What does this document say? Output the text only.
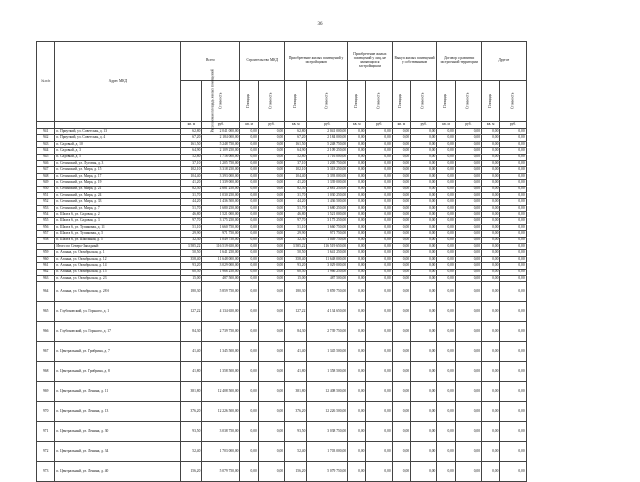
36
№ п/п	Адрес МКД	Всего		Строительство МКД		Приобретение жилых помещений у застройщиков		Приобретение жилых помещений у лиц, не являющихся застройщиком		Выкуп жилых помещений у собственников		Договор о развитии застроенной территории		Другое	
		Расселяемая площадь жилых помещений	Стоимость	Площадь	Стоимость	Площадь	Стоимость	Площадь	Стоимость	Площадь	Стоимость	Площадь	Стоимость	Площадь	Стоимость
		кв. м	руб.	кв. м	руб.	кв. м	руб.	кв. м	руб.	кв. м	руб.	кв. м	руб.	кв. м	руб.
941	п. Приуткий, ул. Советская, д. 13	62,80	2 041 000,00	0,00	0,00	62,80	2 041 000,00	0,00	0,00	0,00	0,00	0,00	0,00	0,00	0,00
942	п. Приуткий, ул. Советская, д. 4	67,20	2 184 000,00	0,00	0,00	67,20	2 184 000,00	0,00	0,00	0,00	0,00	0,00	0,00	0,00	0,00
943	п. Садовый, д. 10	161,50	5 248 750,00	0,00	0,00	161,50	5 248 750,00	0,00	0,00	0,00	0,00	0,00	0,00	0,00	0,00
944	п. Садовый, д. 3	64,90	2 109 250,00	0,00	0,00	64,90	2 109 250,00	0,00	0,00	0,00	0,00	0,00	0,00	0,00	0,00
945	п. Садовый, д. 5	52,80	1 716 000,00	0,00	0,00	52,80	1 716 000,00	0,00	0,00	0,00	0,00	0,00	0,00	0,00	0,00
946	п. Сечинский, ул. Луговая, д. 3	37,10	1 205 750,00	0,00	0,00	37,10	1 205 750,00	0,00	0,00	0,00	0,00	0,00	0,00	0,00	0,00
947	п. Сечинский, ул. Мира, д. 15	102,10	3 318 250,00	0,00	0,00	102,10	3 318 250,00	0,00	0,00	0,00	0,00	0,00	0,00	0,00	0,00
948	п. Сечинский, ул. Мира, д. 17	104,40	3 393 000,00	0,00	0,00	104,40	3 393 000,00	0,00	0,00	0,00	0,00	0,00	0,00	0,00	0,00
949	п. Сечинский, ул. Мира, д. 19	41,20	1 339 000,00	0,00	0,00	41,20	1 339 000,00	0,00	0,00	0,00	0,00	0,00	0,00	0,00	0,00
950	п. Сечинский, ул. Мира, д. 21	82,50	2 681 250,00	0,00	0,00	82,50	2 681 250,00	0,00	0,00	0,00	0,00	0,00	0,00	0,00	0,00
951	п. Сечинский, ул. Мира, д. 24	31,70	1 030 250,00	0,00	0,00	31,70	1 030 250,00	0,00	0,00	0,00	0,00	0,00	0,00	0,00	0,00
952	п. Сечинский, ул. Мира, д. 33	44,20	1 436 500,00	0,00	0,00	44,20	1 436 500,00	0,00	0,00	0,00	0,00	0,00	0,00	0,00	0,00
953	п. Сечинский, ул. Мира, д. 7	51,70	1 680 250,00	0,00	0,00	51,70	1 680 250,00	0,00	0,00	0,00	0,00	0,00	0,00	0,00	0,00
954	п. Шахта 6, ул. Садовая, д. 2	46,80	1 521 000,00	0,00	0,00	46,80	1 521 000,00	0,00	0,00	0,00	0,00	0,00	0,00	0,00	0,00
955	п. Шахта 6, ул. Садовая, д. 3	97,70	3 175 250,00	0,00	0,00	97,70	3 175 250,00	0,00	0,00	0,00	0,00	0,00	0,00	0,00	0,00
956	п. Шахта 6, ул. Тупиковая, д. 11	51,10	1 660 750,00	0,00	0,00	51,10	1 660 750,00	0,00	0,00	0,00	0,00	0,00	0,00	0,00	0,00
957	п. Шахта 6, ул. Тупиковая, д. 5	29,90	971 750,00	0,00	0,00	29,90	971 750,00	0,00	0,00	0,00	0,00	0,00	0,00	0,00	0,00
958	п. Шахта 6, ул. Школьная, д. 5	32,30	1 049 750,00	0,00	0,00	32,30	1 049 750,00	0,00	0,00	0,00	0,00	0,00	0,00	0,00	0,00
	Итого по Северо-Западный:	3 585,22	116 519 650,00	0,00	0,00	3 585,22	116 519 650,00	0,00	0,00	0,00	0,00	0,00	0,00	0,00	0,00
959	п. Аганна, ул. Октябрьская, д. 1	50,50	1 641 250,00	0,00	0,00	50,50	1 641 250,00	0,00	0,00	0,00	0,00	0,00	0,00	0,00	0,00
960	п. Аганна, ул. Октябрьская, д. 12	358,40	11 648 000,00	0,00	0,00	358,40	11 648 000,00	0,00	0,00	0,00	0,00	0,00	0,00	0,00	0,00
961	п. Аганна, ул. Октябрьская, д. 14	93,20	3 029 000,00	0,00	0,00	93,20	3 029 000,00	0,00	0,00	0,00	0,00	0,00	0,00	0,00	0,00
962	п. Аганна, ул. Октябрьская, д. 15	60,50	1 966 250,00	0,00	0,00	60,50	1 966 250,00	0,00	0,00	0,00	0,00	0,00	0,00	0,00	0,00
963	п. Аганна, ул. Октябрьская, д. 23	15,00	487 500,00	0,00	0,00	15,00	487 500,00	0,00	0,00	0,00	0,00	0,00	0,00	0,00	0,00
964	п. Аганна, ул. Октябрьская, д. 28 б	180,30	5 859 750,00	0,00	0,00	180,30	5 859 750,00	0,00	0,00	0,00	0,00	0,00	0,00	0,00	0,00
965	п. Глубоковский, ул. Горького, д. 1	127,22	4 134 650,00	0,00	0,00	127,22	4 134 650,00	0,00	0,00	0,00	0,00	0,00	0,00	0,00	0,00
966	п. Глубоковский, ул. Горького, д. 17	84,30	2 739 750,00	0,00	0,00	84,30	2 739 750,00	0,00	0,00	0,00	0,00	0,00	0,00	0,00	0,00
967	п. Центральный, ул. Грибрина, д. 7	41,40	1 345 500,00	0,00	0,00	41,40	1 345 500,00	0,00	0,00	0,00	0,00	0,00	0,00	0,00	0,00
968	п. Центральный, ул. Грибрина, д. 8	41,80	1 358 500,00	0,00	0,00	41,80	1 358 500,00	0,00	0,00	0,00	0,00	0,00	0,00	0,00	0,00
969	п. Центральный, ул. Ленина, д. 11	381,80	12 408 500,00	0,00	0,00	381,80	12 408 500,00	0,00	0,00	0,00	0,00	0,00	0,00	0,00	0,00
970	п. Центральный, ул. Ленина, д. 13	376,20	12 226 500,00	0,00	0,00	376,20	12 226 500,00	0,00	0,00	0,00	0,00	0,00	0,00	0,00	0,00
971	п. Центральный, ул. Ленина, д. 30	93,50	3 038 750,00	0,00	0,00	93,50	3 038 750,00	0,00	0,00	0,00	0,00	0,00	0,00	0,00	0,00
972	п. Центральный, ул. Ленина, д. 34	52,40	1 703 000,00	0,00	0,00	52,40	1 703 000,00	0,00	0,00	0,00	0,00	0,00	0,00	0,00	0,00
973	п. Центральный, ул. Ленина, д. 40	156,20	5 079 750,00	0,00	0,00	156,20	5 079 750,00	0,00	0,00	0,00	0,00	0,00	0,00	0,00	0,00
